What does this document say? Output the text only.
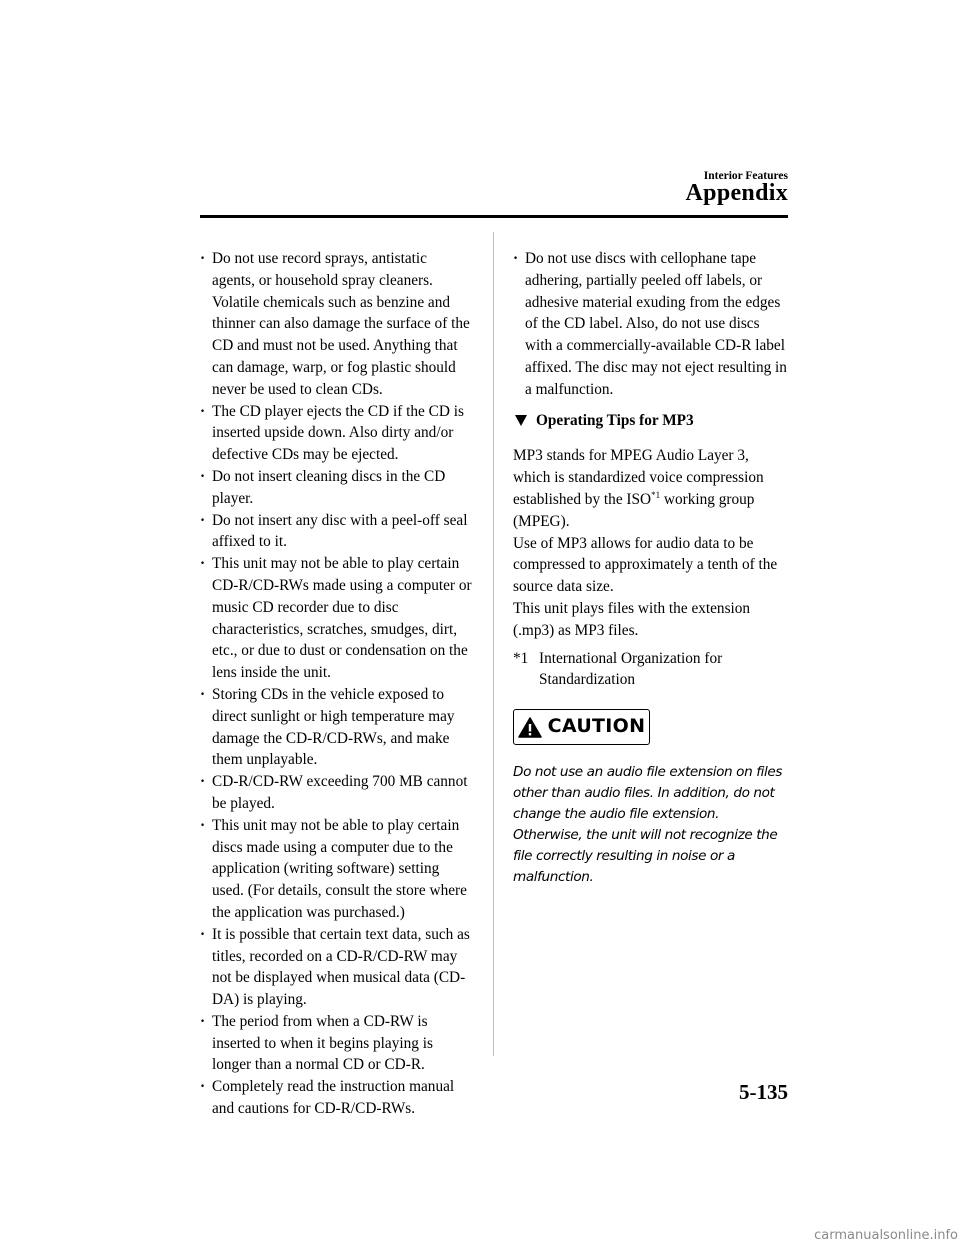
Interior Features
Appendix
· Do not use record sprays, antistatic agents, or household spray cleaners. Volatile chemicals such as benzine and thinner can also damage the surface of the CD and must not be used. Anything that can damage, warp, or fog plastic should never be used to clean CDs.
· The CD player ejects the CD if the CD is inserted upside down. Also dirty and/or defective CDs may be ejected.
· Do not insert cleaning discs in the CD player.
· Do not insert any disc with a peel-off seal affixed to it.
· This unit may not be able to play certain CD-R/CD-RWs made using a computer or music CD recorder due to disc characteristics, scratches, smudges, dirt, etc., or due to dust or condensation on the lens inside the unit.
· Storing CDs in the vehicle exposed to direct sunlight or high temperature may damage the CD-R/CD-RWs, and make them unplayable.
· CD-R/CD-RW exceeding 700 MB cannot be played.
· This unit may not be able to play certain discs made using a computer due to the application (writing software) setting used. (For details, consult the store where the application was purchased.)
· It is possible that certain text data, such as titles, recorded on a CD-R/CD-RW may not be displayed when musical data (CD-DA) is playing.
· The period from when a CD-RW is inserted to when it begins playing is longer than a normal CD or CD-R.
· Completely read the instruction manual and cautions for CD-R/CD-RWs.
· Do not use discs with cellophane tape adhering, partially peeled off labels, or adhesive material exuding from the edges of the CD label. Also, do not use discs with a commercially-available CD-R label affixed. The disc may not eject resulting in a malfunction.
Operating Tips for MP3

MP3 stands for MPEG Audio Layer 3, which is standardized voice compression established by the ISO$^{*1}$ working group (MPEG).

Use of MP3 allows for audio data to be compressed to approximately a tenth of the source data size.

This unit plays files with the extension (.mp3) as MP3 files.

*1 International Organization for Standardization
CAUTION
Do not use an audio file extension on files other than audio files. In addition, do not change the audio file extension. Otherwise, the unit will not recognize the file correctly resulting in noise or a malfunction.
5-135
carmanualsonline.info
